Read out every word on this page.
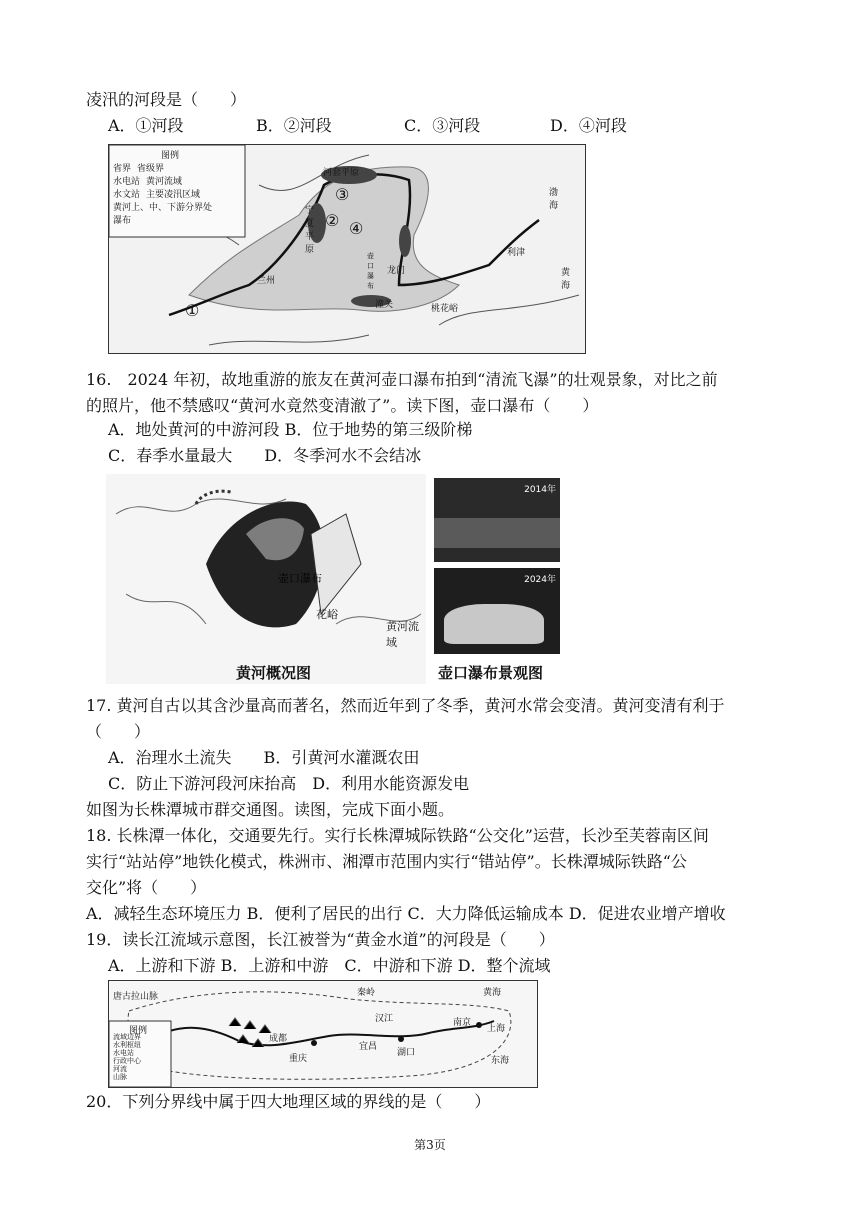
凌汛的河段是（　　）
A．①河段	B．②河段	C．③河段	D．④河段
图例
省界 省级界
水电站 黄河流域
水文站 主要凌汛区域
黄河上、中、下游分界处
瀑布
河套平原
宁夏平原
兰州
壶口瀑布
龙门
潼关	桃花峪
利津
渤海
黄海
①
②
③
④
16.　2024 年初，故地重游的旅友在黄河壶口瀑布拍到“清流飞瀑”的壮观景象，对比之前
的照片，他不禁感叹“黄河水竟然变清澈了”。读下图，壶口瀑布（　　）
A．地处黄河的中游河段 B．位于地势的第三级阶梯
C．春季水量最大　　D．冬季河水不会结冰
壶口瀑布
花峪
黄河流域
黄河概况图
2014年
2024年
壶口瀑布景观图
17. 黄河自古以其含沙量高而著名，然而近年到了冬季，黄河水常会变清。黄河变清有利于
（　　）
A．治理水土流失　　B．引黄河水灌溉农田
C．防止下游河段河床抬高　D．利用水能资源发电
如图为长株潭城市群交通图。读图，完成下面小题。
18. 长株潭一体化，交通要先行。实行长株潭城际铁路“公交化”运营，长沙至芙蓉南区间
实行“站站停”地铁化模式，株洲市、湘潭市范围内实行“错站停”。长株潭城际铁路“公
交化”将（　　）
A．减轻生态环境压力 B．便利了居民的出行 C．大力降低运输成本 D．促进农业增产增收
19．读长江流域示意图，长江被誉为“黄金水道”的河段是（　　）
A．上游和下游 B．上游和中游　C．中游和下游 D．整个流域
唐古拉山脉
图例
流域边界
水利枢纽
水电站
行政中心
河流
山脉
秦岭
汉江	南京
上海
东海
宜昌
湖口
重庆
成都
黄海
20．下列分界线中属于四大地理区域的界线的是（　　）
第3页
